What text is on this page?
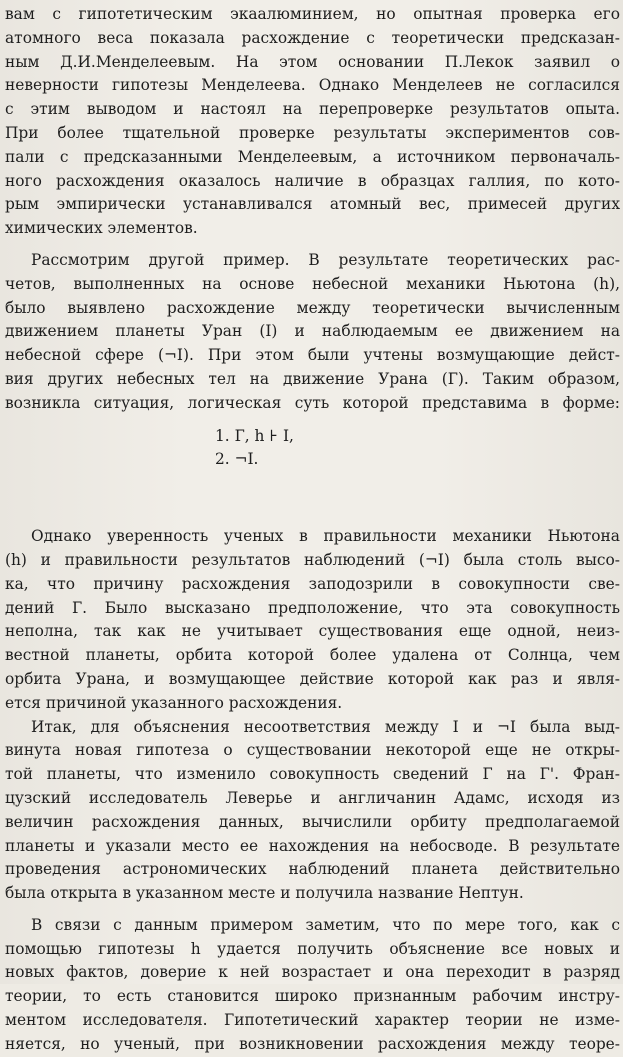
вам с гипотетическим экаалюминием, но опытная проверка его
атомного веса показала расхождение с теоретически предсказан-
ным Д.И.Менделеевым. На этом основании П.Лекок заявил о
неверности гипотезы Менделеева. Однако Менделеев не согласился
с этим выводом и настоял на перепроверке результатов опыта.
При более тщательной проверке результаты экспериментов сов-
пали с предсказанными Менделеевым, а источником первоначаль-
ного расхождения оказалось наличие в образцах галлия, по кото-
рым эмпирически устанавливался атомный вес, примесей других
химических элементов.
Рассмотрим другой пример. В результате теоретических рас-
четов, выполненных на основе небесной механики Ньютона (h),
было выявлено расхождение между теоретически вычисленным
движением планеты Уран (I) и наблюдаемым ее движением на
небесной сфере (¬I). При этом были учтены возмущающие дейст-
вия других небесных тел на движение Урана (Г). Таким образом,
возникла ситуация, логическая суть которой представима в форме:
1. Г, h ⊦ I,
2. ¬I.
Однако уверенность ученых в правильности механики Ньютона
(h) и правильности результатов наблюдений (¬I) была столь высо-
ка, что причину расхождения заподозрили в совокупности све-
дений Г. Было высказано предположение, что эта совокупность
неполна, так как не учитывает существования еще одной, неиз-
вестной планеты, орбита которой более удалена от Солнца, чем
орбита Урана, и возмущающее действие которой как раз и явля-
ется причиной указанного расхождения.
Итак, для объяснения несоответствия между I и ¬I была выд-
винута новая гипотеза о существовании некоторой еще не откры-
той планеты, что изменило совокупность сведений Г на Г'. Фран-
цузский исследователь Леверье и англичанин Адамс, исходя из
величин расхождения данных, вычислили орбиту предполагаемой
планеты и указали место ее нахождения на небосводе. В результате
проведения астрономических наблюдений планета действительно
была открыта в указанном месте и получила название Нептун.
В связи с данным примером заметим, что по мере того, как с
помощью гипотезы h удается получить объяснение все новых и
новых фактов, доверие к ней возрастает и она переходит в разряд
теории, то есть становится широко признанным рабочим инстру-
ментом исследователя. Гипотетический характер теории не изме-
няется, но ученый, при возникновении расхождения между теоре-
